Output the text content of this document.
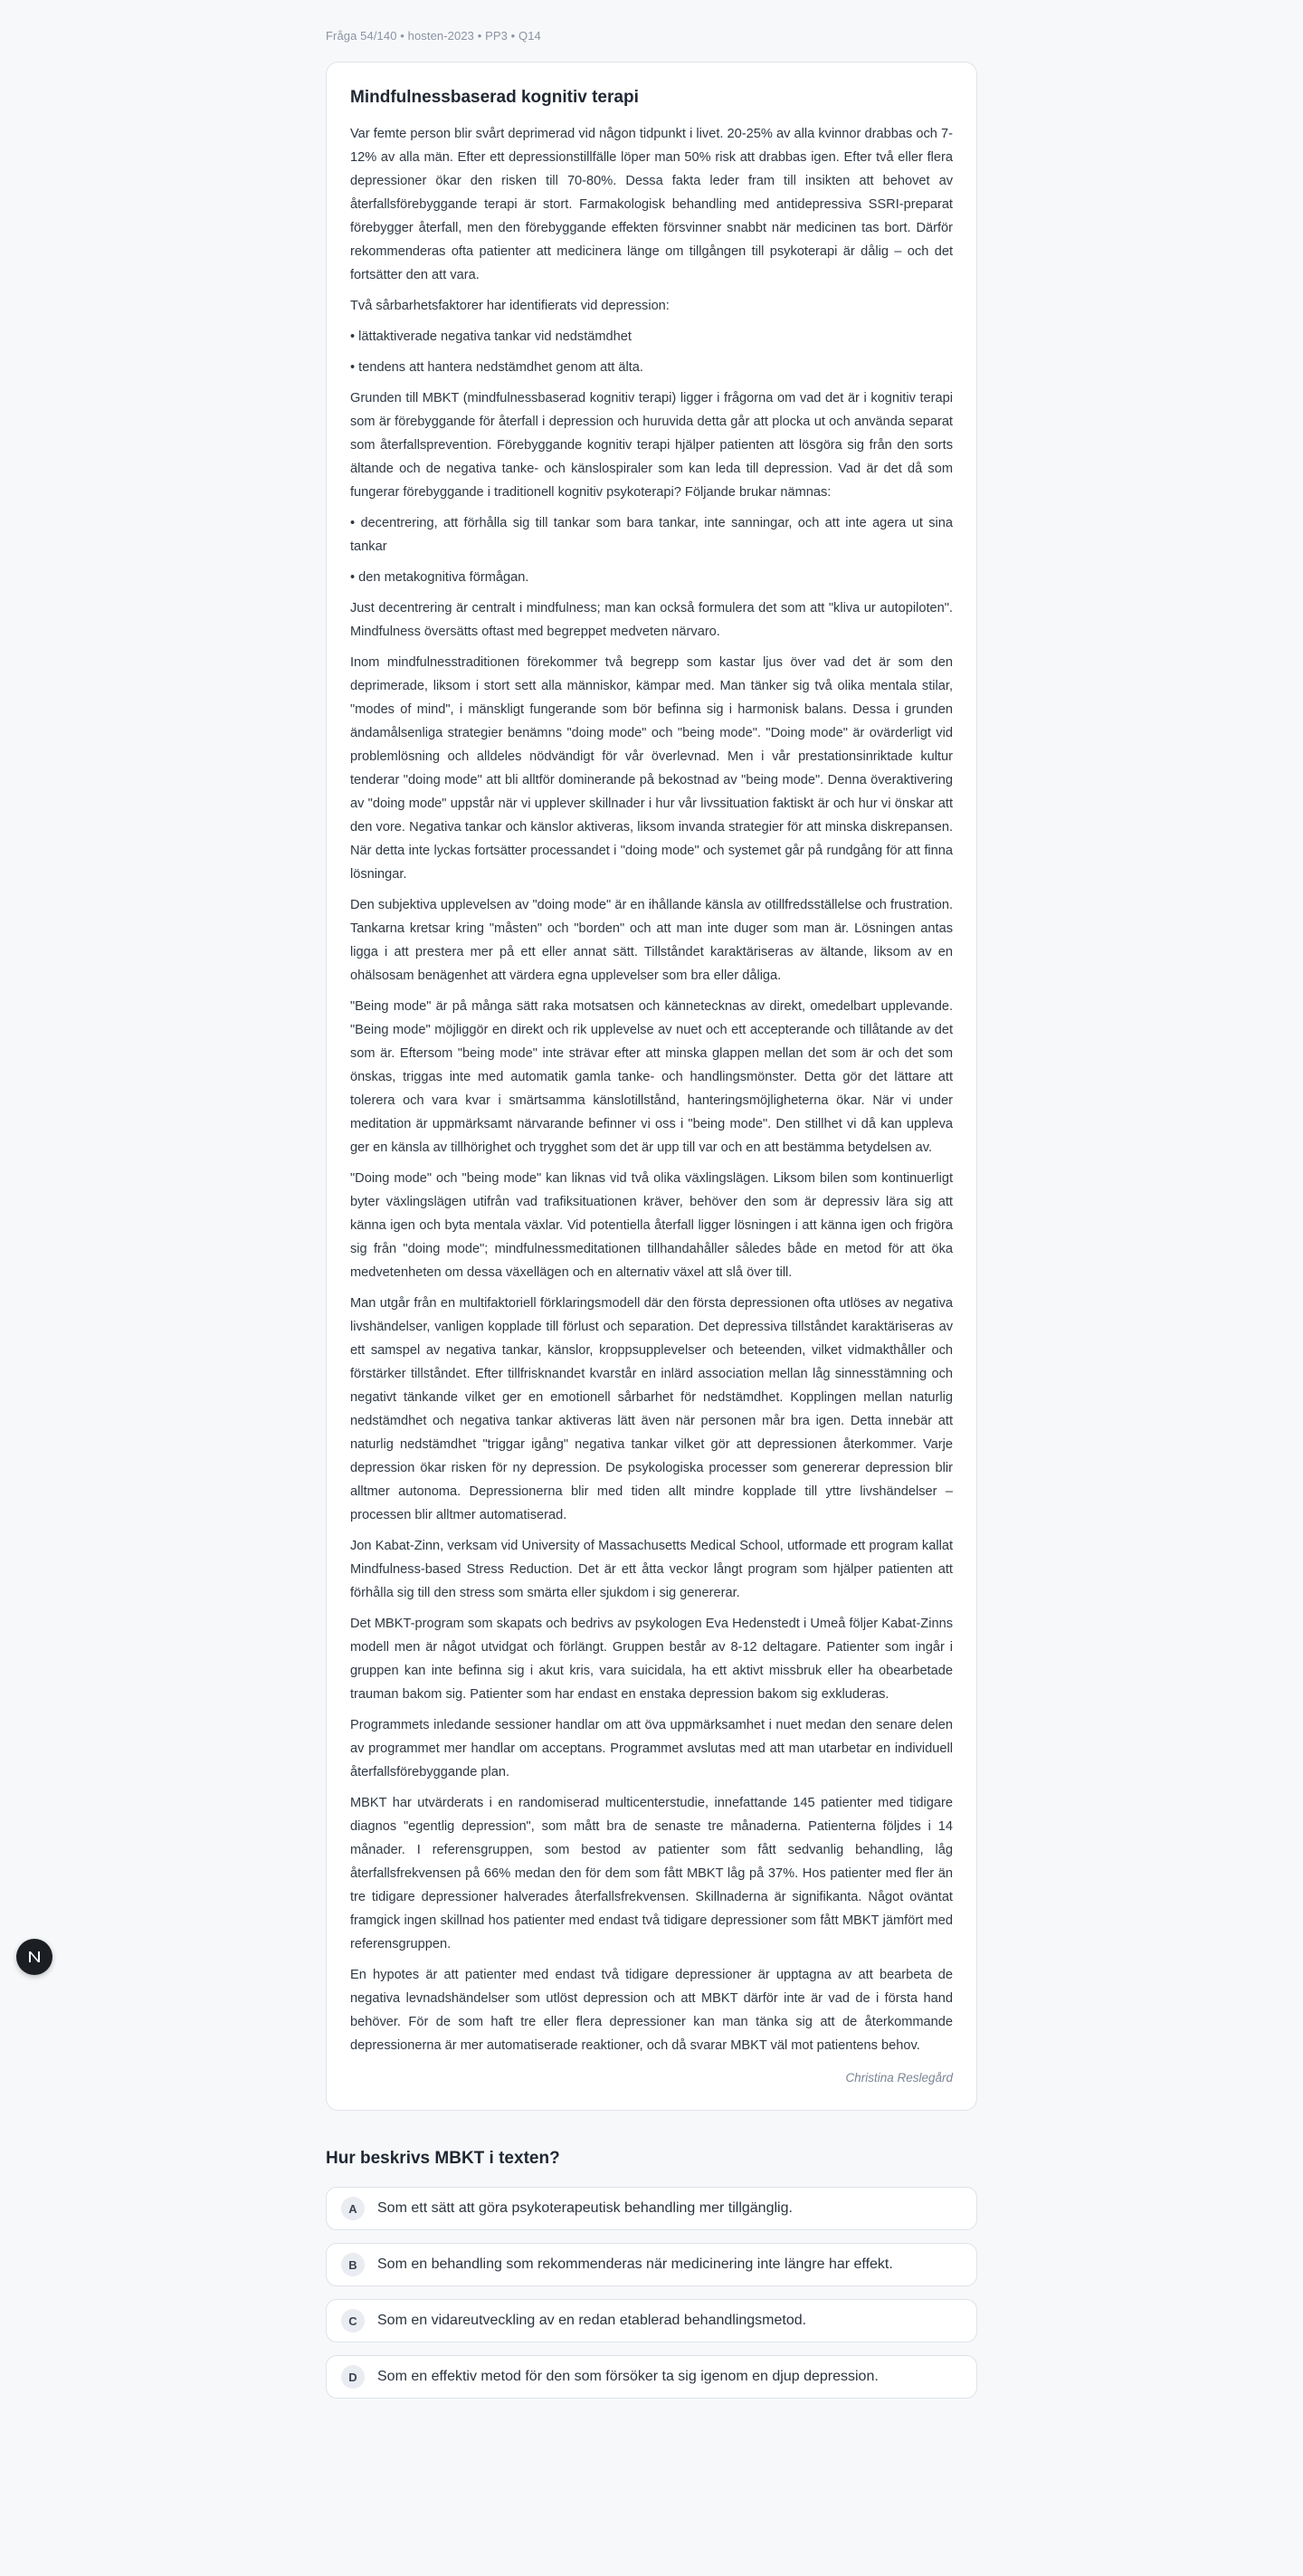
Fråga 54/140 • hosten-2023 • PP3 • Q14
Mindfulnessbaserad kognitiv terapi

Var femte person blir svårt deprimerad vid någon tidpunkt i livet. 20-25% av alla kvinnor drabbas och 7-12% av alla män. Efter ett depressionstillfälle löper man 50% risk att drabbas igen. Efter två eller flera depressioner ökar den risken till 70-80%. Dessa fakta leder fram till insikten att behovet av återfallsförebyggande terapi är stort. Farmakologisk behandling med antidepressiva SSRI-preparat förebygger återfall, men den förebyggande effekten försvinner snabbt när medicinen tas bort. Därför rekommenderas ofta patienter att medicinera länge om tillgången till psykoterapi är dålig – och det fortsätter den att vara.

Två sårbarhetsfaktorer har identifierats vid depression:

• lättaktiverade negativa tankar vid nedstämdhet

• tendens att hantera nedstämdhet genom att älta.

Grunden till MBKT (mindfulnessbaserad kognitiv terapi) ligger i frågorna om vad det är i kognitiv terapi som är förebyggande för återfall i depression och huruvida detta går att plocka ut och använda separat som återfallsprevention. Förebyggande kognitiv terapi hjälper patienten att lösgöra sig från den sorts ältande och de negativa tanke- och känslospiraler som kan leda till depression. Vad är det då som fungerar förebyggande i traditionell kognitiv psykoterapi? Följande brukar nämnas:

• decentrering, att förhålla sig till tankar som bara tankar, inte sanningar, och att inte agera ut sina tankar

• den metakognitiva förmågan.

Just decentrering är centralt i mindfulness; man kan också formulera det som att "kliva ur autopiloten". Mindfulness översätts oftast med begreppet medveten närvaro.

Inom mindfulnesstraditionen förekommer två begrepp som kastar ljus över vad det är som den deprimerade, liksom i stort sett alla människor, kämpar med. Man tänker sig två olika mentala stilar, "modes of mind", i mänskligt fungerande som bör befinna sig i harmonisk balans. Dessa i grunden ändamålsenliga strategier benämns "doing mode" och "being mode". "Doing mode" är ovärderligt vid problemlösning och alldeles nödvändigt för vår överlevnad. Men i vår prestationsinriktade kultur tenderar "doing mode" att bli alltför dominerande på bekostnad av "being mode". Denna överaktivering av "doing mode" uppstår när vi upplever skillnader i hur vår livssituation faktiskt är och hur vi önskar att den vore. Negativa tankar och känslor aktiveras, liksom invanda strategier för att minska diskrepansen. När detta inte lyckas fortsätter processandet i "doing mode" och systemet går på rundgång för att finna lösningar.

Den subjektiva upplevelsen av "doing mode" är en ihållande känsla av otillfredsställelse och frustration. Tankarna kretsar kring "måsten" och "borden" och att man inte duger som man är. Lösningen antas ligga i att prestera mer på ett eller annat sätt. Tillståndet karaktäriseras av ältande, liksom av en ohälsosam benägenhet att värdera egna upplevelser som bra eller dåliga.

"Being mode" är på många sätt raka motsatsen och kännetecknas av direkt, omedelbart upplevande. "Being mode" möjliggör en direkt och rik upplevelse av nuet och ett accepterande och tillåtande av det som är. Eftersom "being mode" inte strävar efter att minska glappen mellan det som är och det som önskas, triggas inte med automatik gamla tanke- och handlingsmönster. Detta gör det lättare att tolerera och vara kvar i smärtsamma känslotillstånd, hanteringsmöjligheterna ökar. När vi under meditation är uppmärksamt närvarande befinner vi oss i "being mode". Den stillhet vi då kan uppleva ger en känsla av tillhörighet och trygghet som det är upp till var och en att bestämma betydelsen av.

"Doing mode" och "being mode" kan liknas vid två olika växlingslägen. Liksom bilen som kontinuerligt byter växlingslägen utifrån vad trafiksituationen kräver, behöver den som är depressiv lära sig att känna igen och byta mentala växlar. Vid potentiella återfall ligger lösningen i att känna igen och frigöra sig från "doing mode"; mindfulnessmeditationen tillhandahåller således både en metod för att öka medvetenheten om dessa växellägen och en alternativ växel att slå över till.

Man utgår från en multifaktoriell förklaringsmodell där den första depressionen ofta utlöses av negativa livshändelser, vanligen kopplade till förlust och separation. Det depressiva tillståndet karaktäriseras av ett samspel av negativa tankar, känslor, kroppsupplevelser och beteenden, vilket vidmakthåller och förstärker tillståndet. Efter tillfrisknandet kvarstår en inlärd association mellan låg sinnesstämning och negativt tänkande vilket ger en emotionell sårbarhet för nedstämdhet. Kopplingen mellan naturlig nedstämdhet och negativa tankar aktiveras lätt även när personen mår bra igen. Detta innebär att naturlig nedstämdhet "triggar igång" negativa tankar vilket gör att depressionen återkommer. Varje depression ökar risken för ny depression. De psykologiska processer som genererar depression blir alltmer autonoma. Depressionerna blir med tiden allt mindre kopplade till yttre livshändelser – processen blir alltmer automatiserad.

Jon Kabat-Zinn, verksam vid University of Massachusetts Medical School, utformade ett program kallat Mindfulness-based Stress Reduction. Det är ett åtta veckor långt program som hjälper patienten att förhålla sig till den stress som smärta eller sjukdom i sig genererar.

Det MBKT-program som skapats och bedrivs av psykologen Eva Hedenstedt i Umeå följer Kabat-Zinns modell men är något utvidgat och förlängt. Gruppen består av 8-12 deltagare. Patienter som ingår i gruppen kan inte befinna sig i akut kris, vara suicidala, ha ett aktivt missbruk eller ha obearbetade trauman bakom sig. Patienter som har endast en enstaka depression bakom sig exkluderas.

Programmets inledande sessioner handlar om att öva uppmärksamhet i nuet medan den senare delen av programmet mer handlar om acceptans. Programmet avslutas med att man utarbetar en individuell återfallsförebyggande plan.

MBKT har utvärderats i en randomiserad multicenterstudie, innefattande 145 patienter med tidigare diagnos "egentlig depression", som mått bra de senaste tre månaderna. Patienterna följdes i 14 månader. I referensgruppen, som bestod av patienter som fått sedvanlig behandling, låg återfallsfrekvensen på 66% medan den för dem som fått MBKT låg på 37%. Hos patienter med fler än tre tidigare depressioner halverades återfallsfrekvensen. Skillnaderna är signifikanta. Något oväntat framgick ingen skillnad hos patienter med endast två tidigare depressioner som fått MBKT jämfört med referensgruppen.

En hypotes är att patienter med endast två tidigare depressioner är upptagna av att bearbeta de negativa levnadshändelser som utlöst depression och att MBKT därför inte är vad de i första hand behöver. För de som haft tre eller flera depressioner kan man tänka sig att de återkommande depressionerna är mer automatiserade reaktioner, och då svarar MBKT väl mot patientens behov.

Christina Reslegård
Hur beskrivs MBKT i texten?
A	Som ett sätt att göra psykoterapeutisk behandling mer tillgänglig.
B	Som en behandling som rekommenderas när medicinering inte längre har effekt.
C	Som en vidareutveckling av en redan etablerad behandlingsmetod.
D	Som en effektiv metod för den som försöker ta sig igenom en djup depression.
